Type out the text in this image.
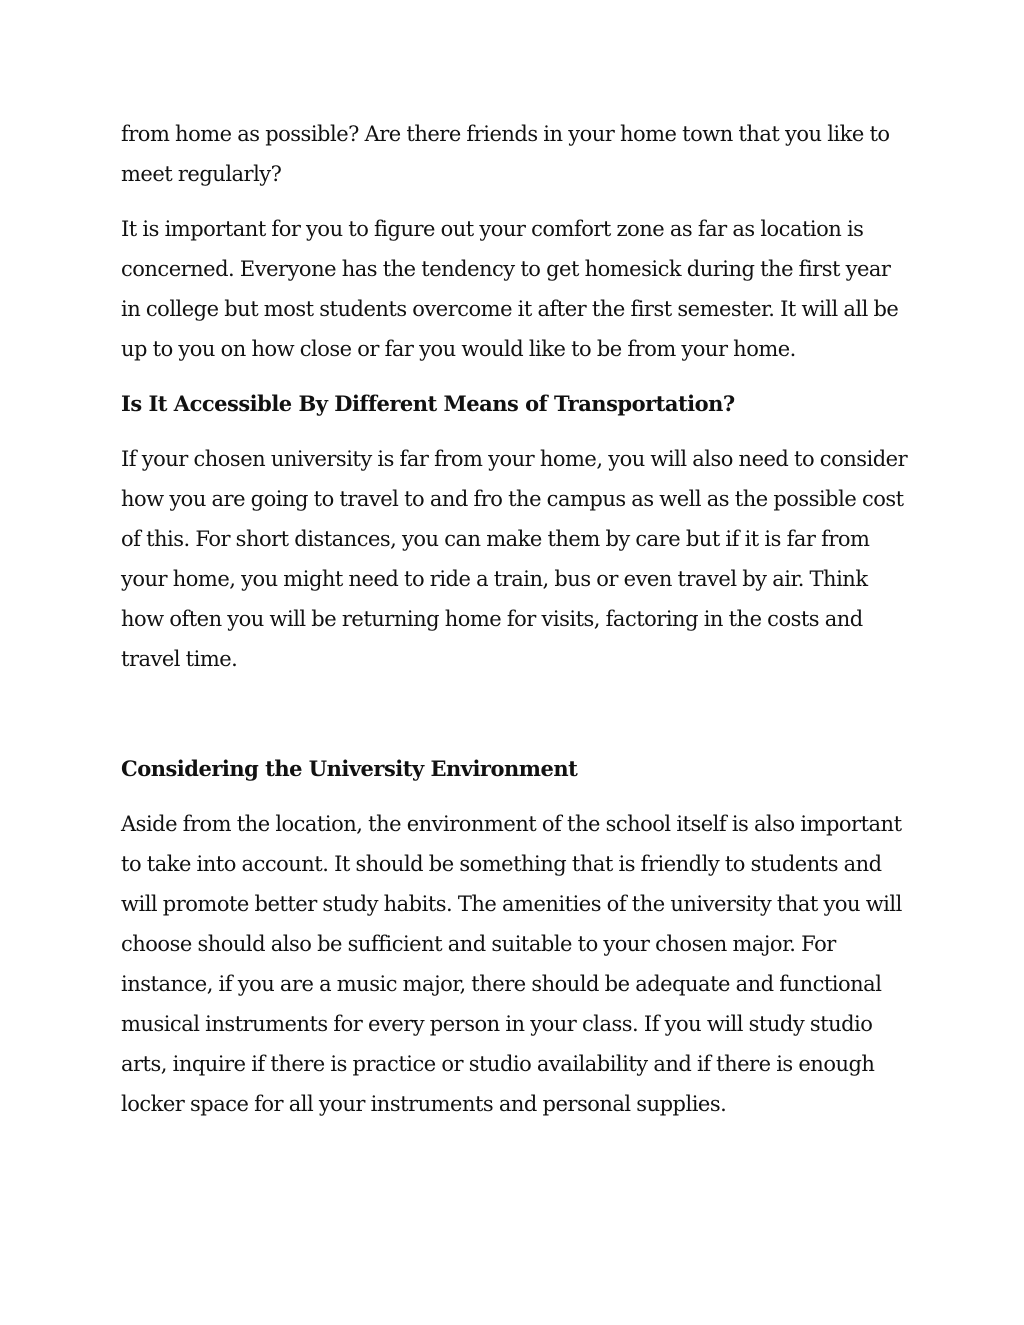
from home as possible? Are there friends in your home town that you like to meet regularly?

It is important for you to figure out your comfort zone as far as location is concerned. Everyone has the tendency to get homesick during the first year in college but most students overcome it after the first semester. It will all be up to you on how close or far you would like to be from your home.

Is It Accessible By Different Means of Transportation?

If your chosen university is far from your home, you will also need to consider how you are going to travel to and fro the campus as well as the possible cost of this. For short distances, you can make them by care but if it is far from your home, you might need to ride a train, bus or even travel by air. Think how often you will be returning home for visits, factoring in the costs and travel time.

Considering the University Environment

Aside from the location, the environment of the school itself is also important to take into account. It should be something that is friendly to students and will promote better study habits. The amenities of the university that you will choose should also be sufficient and suitable to your chosen major. For instance, if you are a music major, there should be adequate and functional musical instruments for every person in your class. If you will study studio arts, inquire if there is practice or studio availability and if there is enough locker space for all your instruments and personal supplies.
